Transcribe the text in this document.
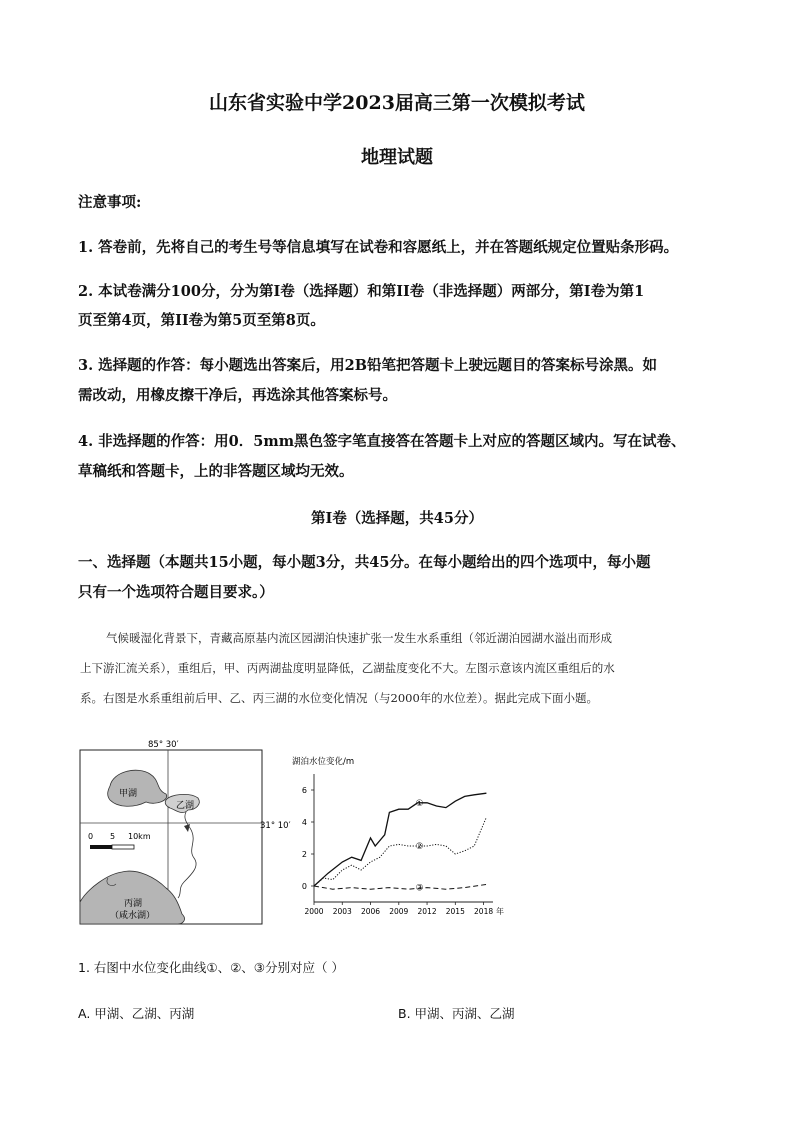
山东省实验中学2023届高三第一次模拟考试
地理试题
注意事项:
1. 答卷前，先将自己的考生号等信息填写在试卷和容愿纸上，并在答题纸规定位置贴条形码。
2. 本试卷满分100分，分为第Ⅰ卷（选择题）和第II卷（非选择题）两部分，第Ⅰ卷为第1
页至第4页，第II卷为第5页至第8页。
3. 选择题的作答：每小题选出答案后，用2B铅笔把答题卡上驶远题目的答案标号涂黑。如
需改动，用橡皮擦干净后，再选涂其他答案标号。
4. 非选择题的作答：用0．5mm黑色签字笔直接答在答题卡上对应的答题区域内。写在试卷、
草稿纸和答题卡，上的非答题区域均无效。
第Ⅰ卷（选择题，共45分）
一、选择题（本题共15小题，每小题3分，共45分。在每小题给出的四个选项中，每小题
只有一个选项符合题目要求。）
气候暖湿化背景下，青藏高原基内流区园湖泊快速扩张一发生水系重组（邻近湖泊园湖水溢出而形成
上下游汇流关系），重组后，甲、丙两湖盐度明显降低，乙湖盐度变化不大。左图示意该内流区重组后的水
系。右图是水系重组前后甲、乙、丙三湖的水位变化情况（与2000年的水位差）。据此完成下面小题。
85° 30′
31° 10′
甲湖
乙湖
丙湖
（咸水湖）
0 5 10km
湖泊水位变化/m
0
2
4
6
2000 2003 2006 2009 2012 2015 2018 年
①
②
③
1. 右图中水位变化曲线①、②、③分别对应（ ）
A. 甲湖、乙湖、丙湖	B. 甲湖、丙湖、乙湖
